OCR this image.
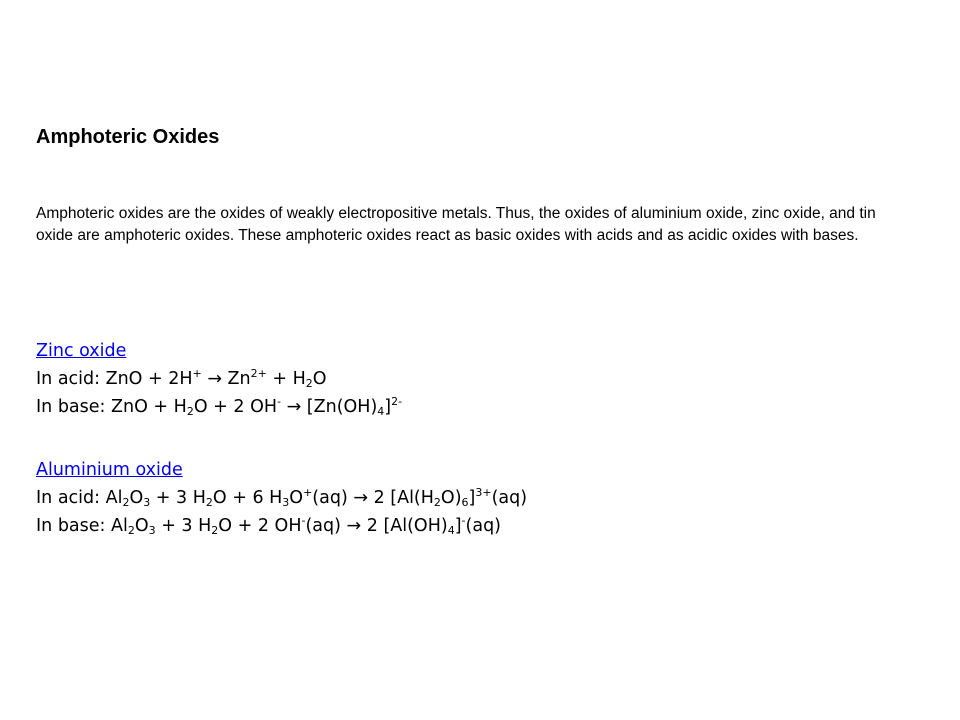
Amphoteric Oxides
Amphoteric oxides are the oxides of weakly electropositive metals. Thus, the oxides of aluminium oxide, zinc oxide, and tin oxide are amphoteric oxides. These amphoteric oxides react as basic oxides with acids and as acidic oxides with bases.
Zinc oxide
In acid: ZnO + $2H^+ \to Zn^{2+} + H_2O$
In base: ZnO + $H_2O + 2$ $OH^- \to [Zn(OH)_4]^{2-}$
Aluminium oxide
In acid: $Al_2O_3 + 3$ $H_2O + 6$ $H_3O^+(aq) \to 2$ $[Al(H_2O)_6]^{3+}(aq)$
In base: $Al_2O_3 + 3$ $H_2O + 2$ OH-(aq) → 2 $[Al(OH)_4]^-(aq)$
